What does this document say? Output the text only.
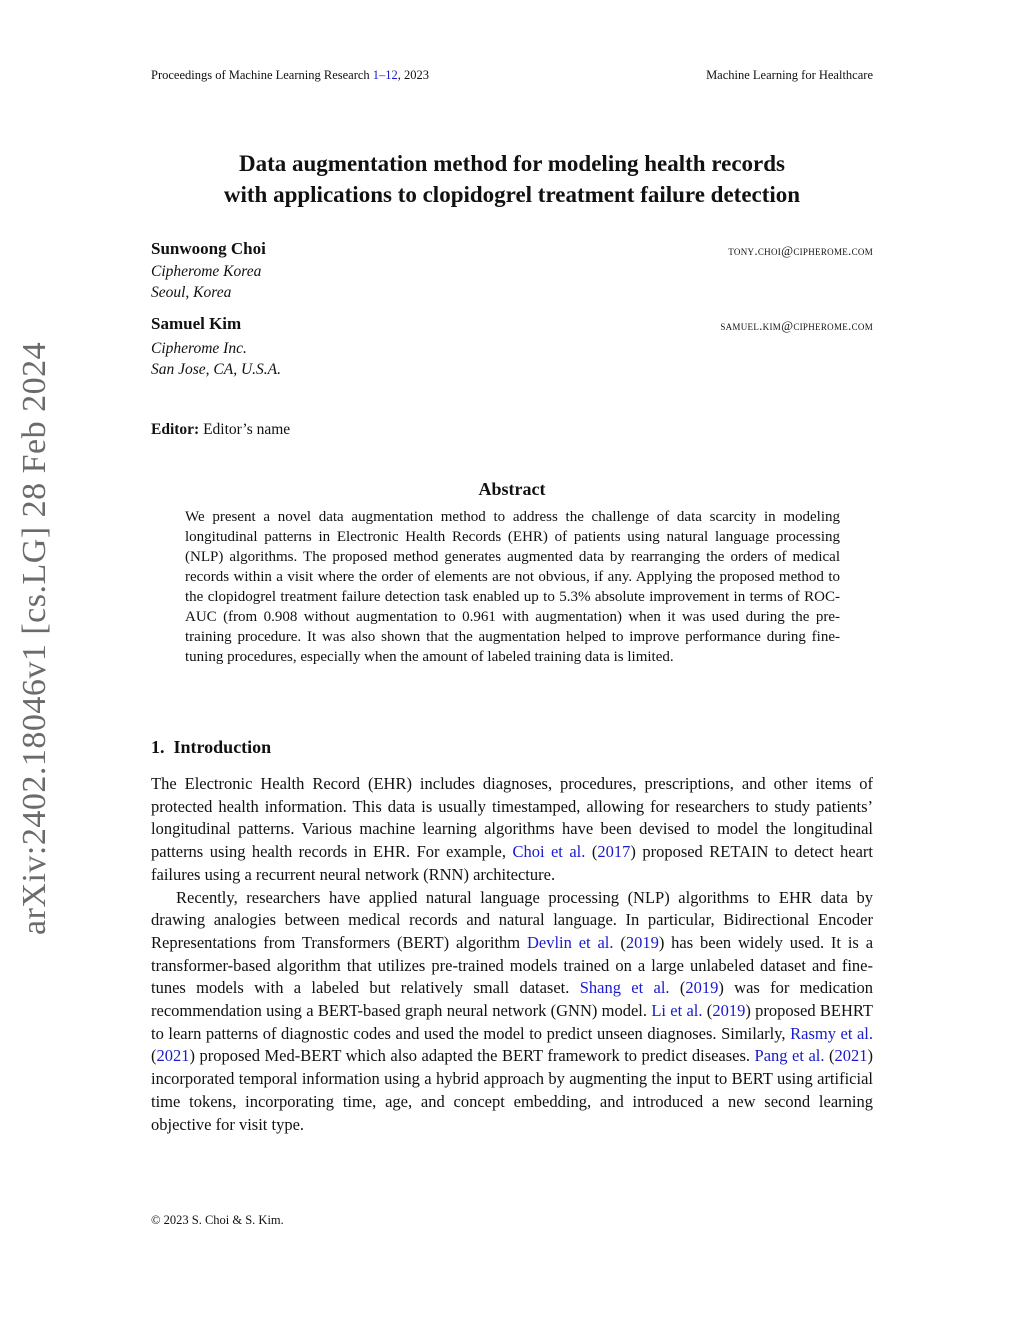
Proceedings of Machine Learning Research 1–12, 2023	Machine Learning for Healthcare
Data augmentation method for modeling health records
with applications to clopidogrel treatment failure detection
Sunwoong Choi	tony.choi@cipherome.com
Cipherome Korea
Seoul, Korea
Samuel Kim	samuel.kim@cipherome.com
Cipherome Inc.
San Jose, CA, U.S.A.
Editor: Editor’s name
Abstract
We present a novel data augmentation method to address the challenge of data scarcity in modeling longitudinal patterns in Electronic Health Records (EHR) of patients using natural language processing (NLP) algorithms. The proposed method generates augmented data by rearranging the orders of medical records within a visit where the order of elements are not obvious, if any. Applying the proposed method to the clopidogrel treatment failure detection task enabled up to 5.3% absolute improvement in terms of ROC-AUC (from 0.908 without augmentation to 0.961 with augmentation) when it was used during the pre-training procedure. It was also shown that the augmentation helped to improve performance during fine-tuning procedures, especially when the amount of labeled training data is limited.
1. Introduction

The Electronic Health Record (EHR) includes diagnoses, procedures, prescriptions, and other items of protected health information. This data is usually timestamped, allowing for researchers to study patients’ longitudinal patterns. Various machine learning algorithms have been devised to model the longitudinal patterns using health records in EHR. For example, Choi et al. (2017) proposed RETAIN to detect heart failures using a recurrent neural network (RNN) architecture.

Recently, researchers have applied natural language processing (NLP) algorithms to EHR data by drawing analogies between medical records and natural language. In particular, Bidirectional Encoder Representations from Transformers (BERT) algorithm Devlin et al. (2019) has been widely used. It is a transformer-based algorithm that utilizes pre-trained models trained on a large unlabeled dataset and fine-tunes models with a labeled but relatively small dataset. Shang et al. (2019) was for medication recommendation using a BERT-based graph neural network (GNN) model. Li et al. (2019) proposed BEHRT to learn patterns of diagnostic codes and used the model to predict unseen diagnoses. Similarly, Rasmy et al. (2021) proposed Med-BERT which also adapted the BERT framework to predict diseases. Pang et al. (2021) incorporated temporal information using a hybrid approach by augmenting the input to BERT using artificial time tokens, incorporating time, age, and concept embedding, and introduced a new second learning objective for visit type.

arXiv:2402.18046v1 [cs.LG] 28 Feb 2024
© 2023 S. Choi & S. Kim.
